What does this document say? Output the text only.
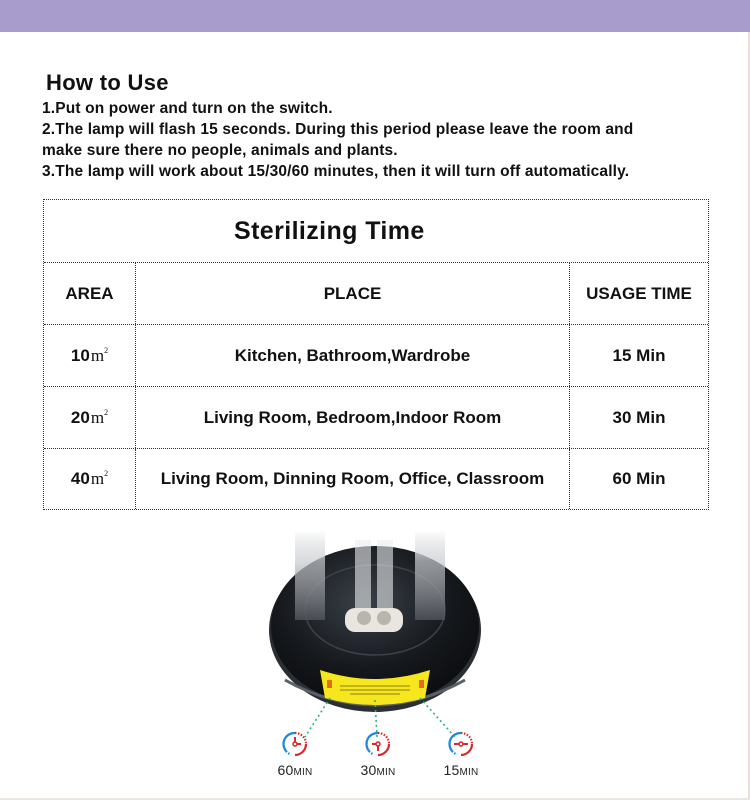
How to Use

1.Put on power and turn on the switch.

2.The lamp will flash 15 seconds. During this period please leave the room and

make sure there no people, animals and plants.

3.The lamp will work about 15/30/60 minutes, then it will turn off automatically.

Sterilizing Time
AREA	PLACE	USAGE TIME
10 $m^2$	Kitchen, Bathroom,Wardrobe	15 Min
20 $m^2$	Living Room, Bedroom,Indoor Room	30 Min
40 $m^2$	Living Room, Dinning Room, Office, Classroom	60 Min
60MIN	30MIN	15MIN
